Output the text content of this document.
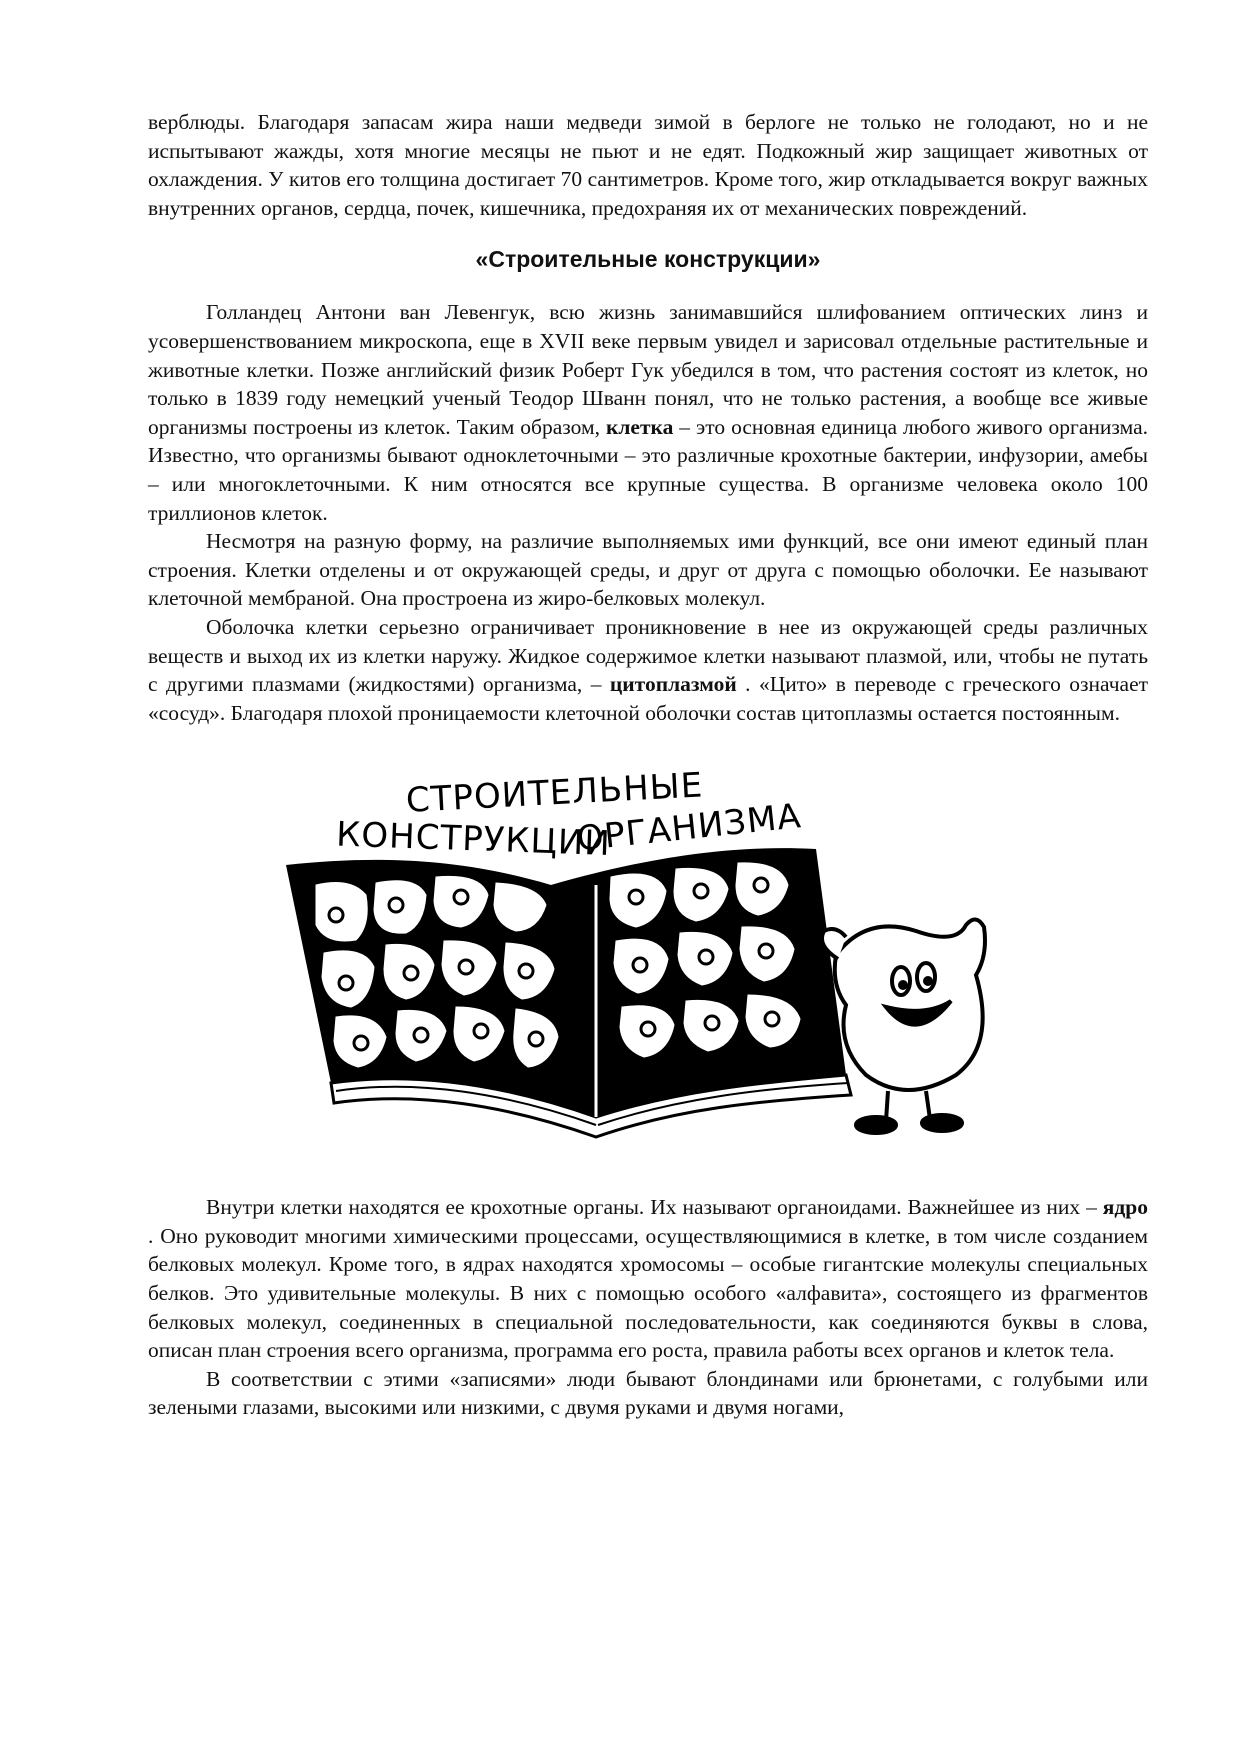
верблюды. Благодаря запасам жира наши медведи зимой в берлоге не только не голодают, но и не испытывают жажды, хотя многие месяцы не пьют и не едят. Подкожный жир защищает животных от охлаждения. У китов его толщина достигает 70 сантиметров. Кроме того, жир откладывается вокруг важных внутренних органов, сердца, почек, кишечника, предохраняя их от механических повреждений.

«Строительные конструкции»

Голландец Антони ван Левенгук, всю жизнь занимавшийся шлифованием оптических линз и усовершенствованием микроскопа, еще в XVII веке первым увидел и зарисовал отдельные растительные и животные клетки. Позже английский физик Роберт Гук убедился в том, что растения состоят из клеток, но только в 1839 году немецкий ученый Теодор Шванн понял, что не только растения, а вообще все живые организмы построены из клеток. Таким образом, клетка – это основная единица любого живого организма. Известно, что организмы бывают одноклеточными – это различные крохотные бактерии, инфузории, амебы – или многоклеточными. К ним относятся все крупные существа. В организме человека около 100 триллионов клеток.

Несмотря на разную форму, на различие выполняемых ими функций, все они имеют единый план строения. Клетки отделены и от окружающей среды, и друг от друга с помощью оболочки. Ее называют клеточной мембраной. Она простроена из жиро-белковых молекул.

Оболочка клетки серьезно ограничивает проникновение в нее из окружающей среды различных веществ и выход их из клетки наружу. Жидкое содержимое клетки называют плазмой, или, чтобы не путать с другими плазмами (жидкостями) организма, – цитоплазмой . «Цито» в переводе с греческого означает «сосуд». Благодаря плохой проницаемости клеточной оболочки состав цитоплазмы остается постоянным.

СТРОИТЕЛЬНЫЕ
КОНСТРУКЦИИ
ОРГАНИЗМА

Внутри клетки находятся ее крохотные органы. Их называют органоидами. Важнейшее из них – ядро . Оно руководит многими химическими процессами, осуществляющимися в клетке, в том числе созданием белковых молекул. Кроме того, в ядрах находятся хромосомы – особые гигантские молекулы специальных белков. Это удивительные молекулы. В них с помощью особого «алфавита», состоящего из фрагментов белковых молекул, соединенных в специальной последовательности, как соединяются буквы в слова, описан план строения всего организма, программа его роста, правила работы всех органов и клеток тела.

В соответствии с этими «записями» люди бывают блондинами или брюнетами, с голубыми или зелеными глазами, высокими или низкими, с двумя руками и двумя ногами,
